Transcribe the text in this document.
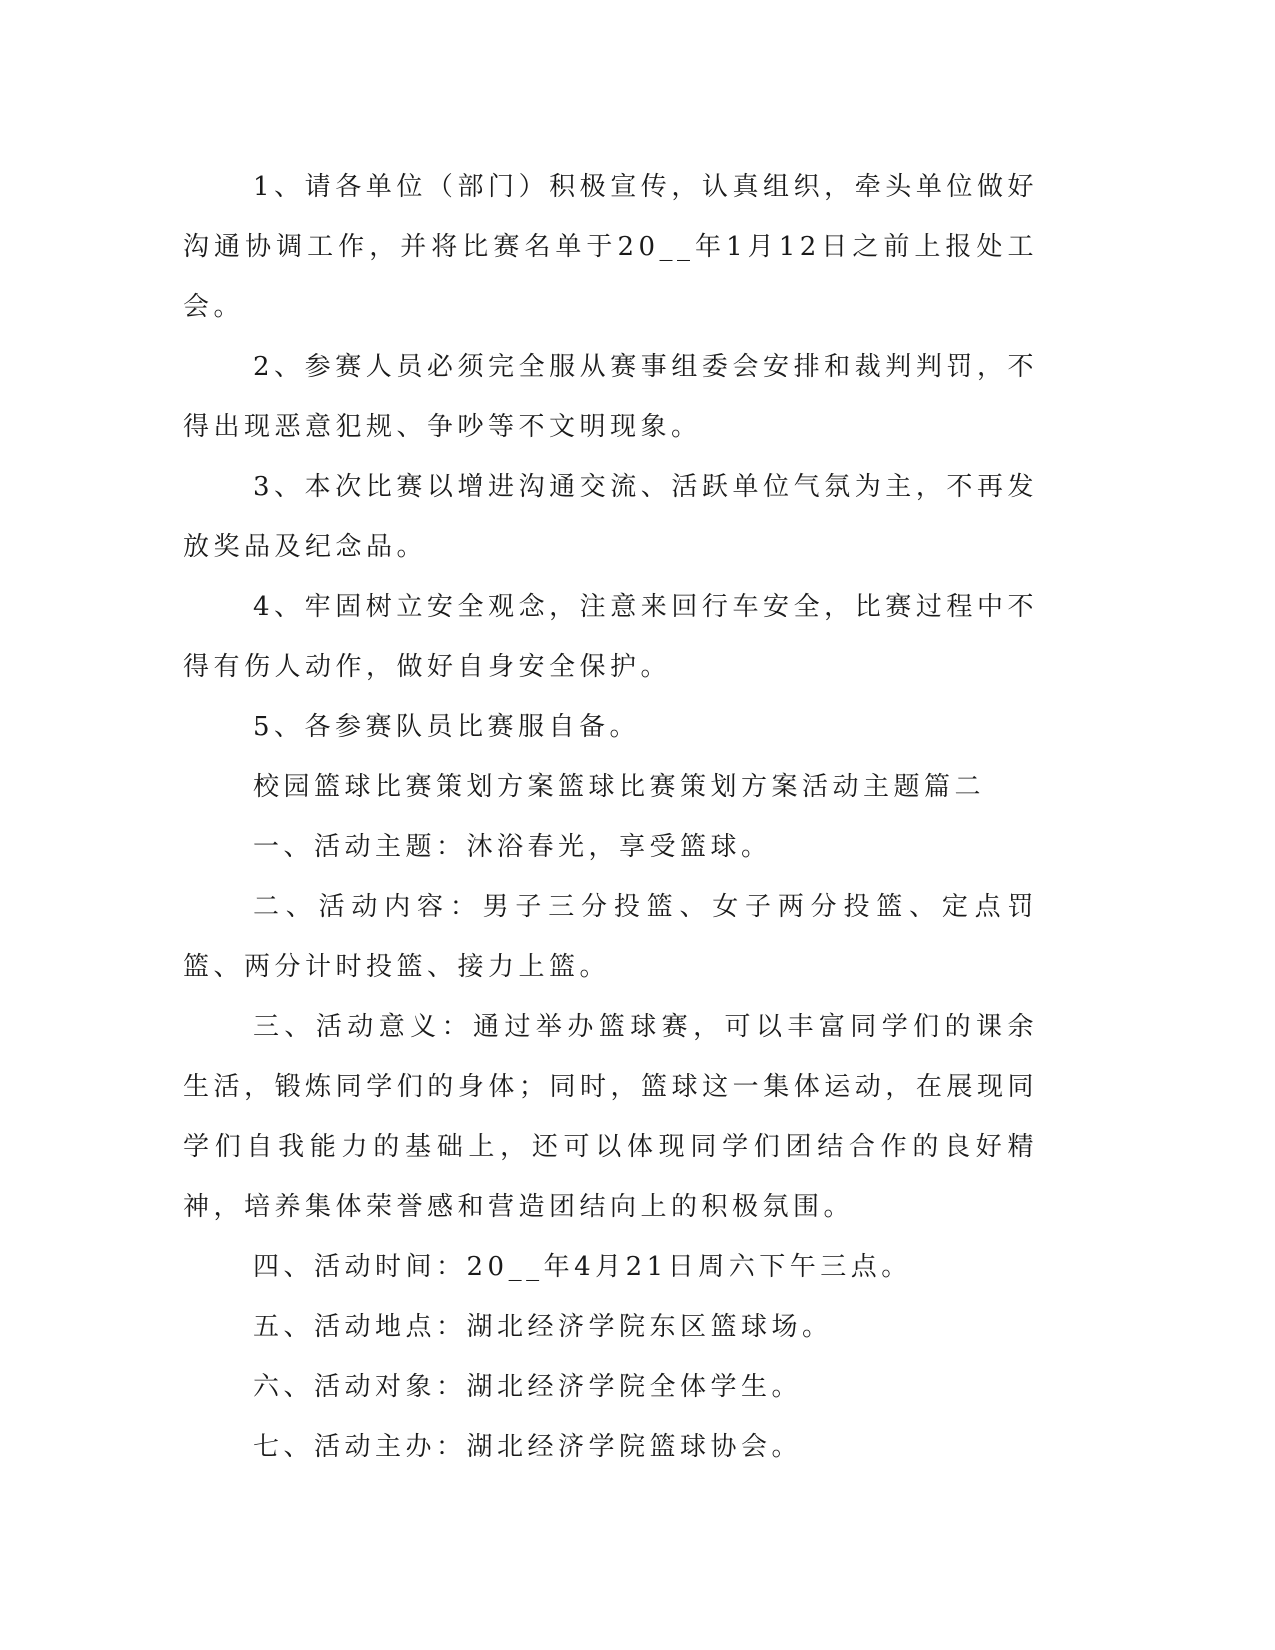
1、请各单位（部门）积极宣传，认真组织，牵头单位做好沟通协调工作，并将比赛名单于20__年1月12日之前上报处工会。

2、参赛人员必须完全服从赛事组委会安排和裁判判罚，不得出现恶意犯规、争吵等不文明现象。

3、本次比赛以增进沟通交流、活跃单位气氛为主，不再发放奖品及纪念品。

4、牢固树立安全观念，注意来回行车安全，比赛过程中不得有伤人动作，做好自身安全保护。

5、各参赛队员比赛服自备。

校园篮球比赛策划方案篮球比赛策划方案活动主题篇二

一、活动主题：沐浴春光，享受篮球。

二、活动内容：男子三分投篮、女子两分投篮、定点罚篮、两分计时投篮、接力上篮。

三、活动意义：通过举办篮球赛，可以丰富同学们的课余生活，锻炼同学们的身体；同时，篮球这一集体运动，在展现同学们自我能力的基础上，还可以体现同学们团结合作的良好精神，培养集体荣誉感和营造团结向上的积极氛围。

四、活动时间：20__年4月21日周六下午三点。

五、活动地点：湖北经济学院东区篮球场。

六、活动对象：湖北经济学院全体学生。

七、活动主办：湖北经济学院篮球协会。
